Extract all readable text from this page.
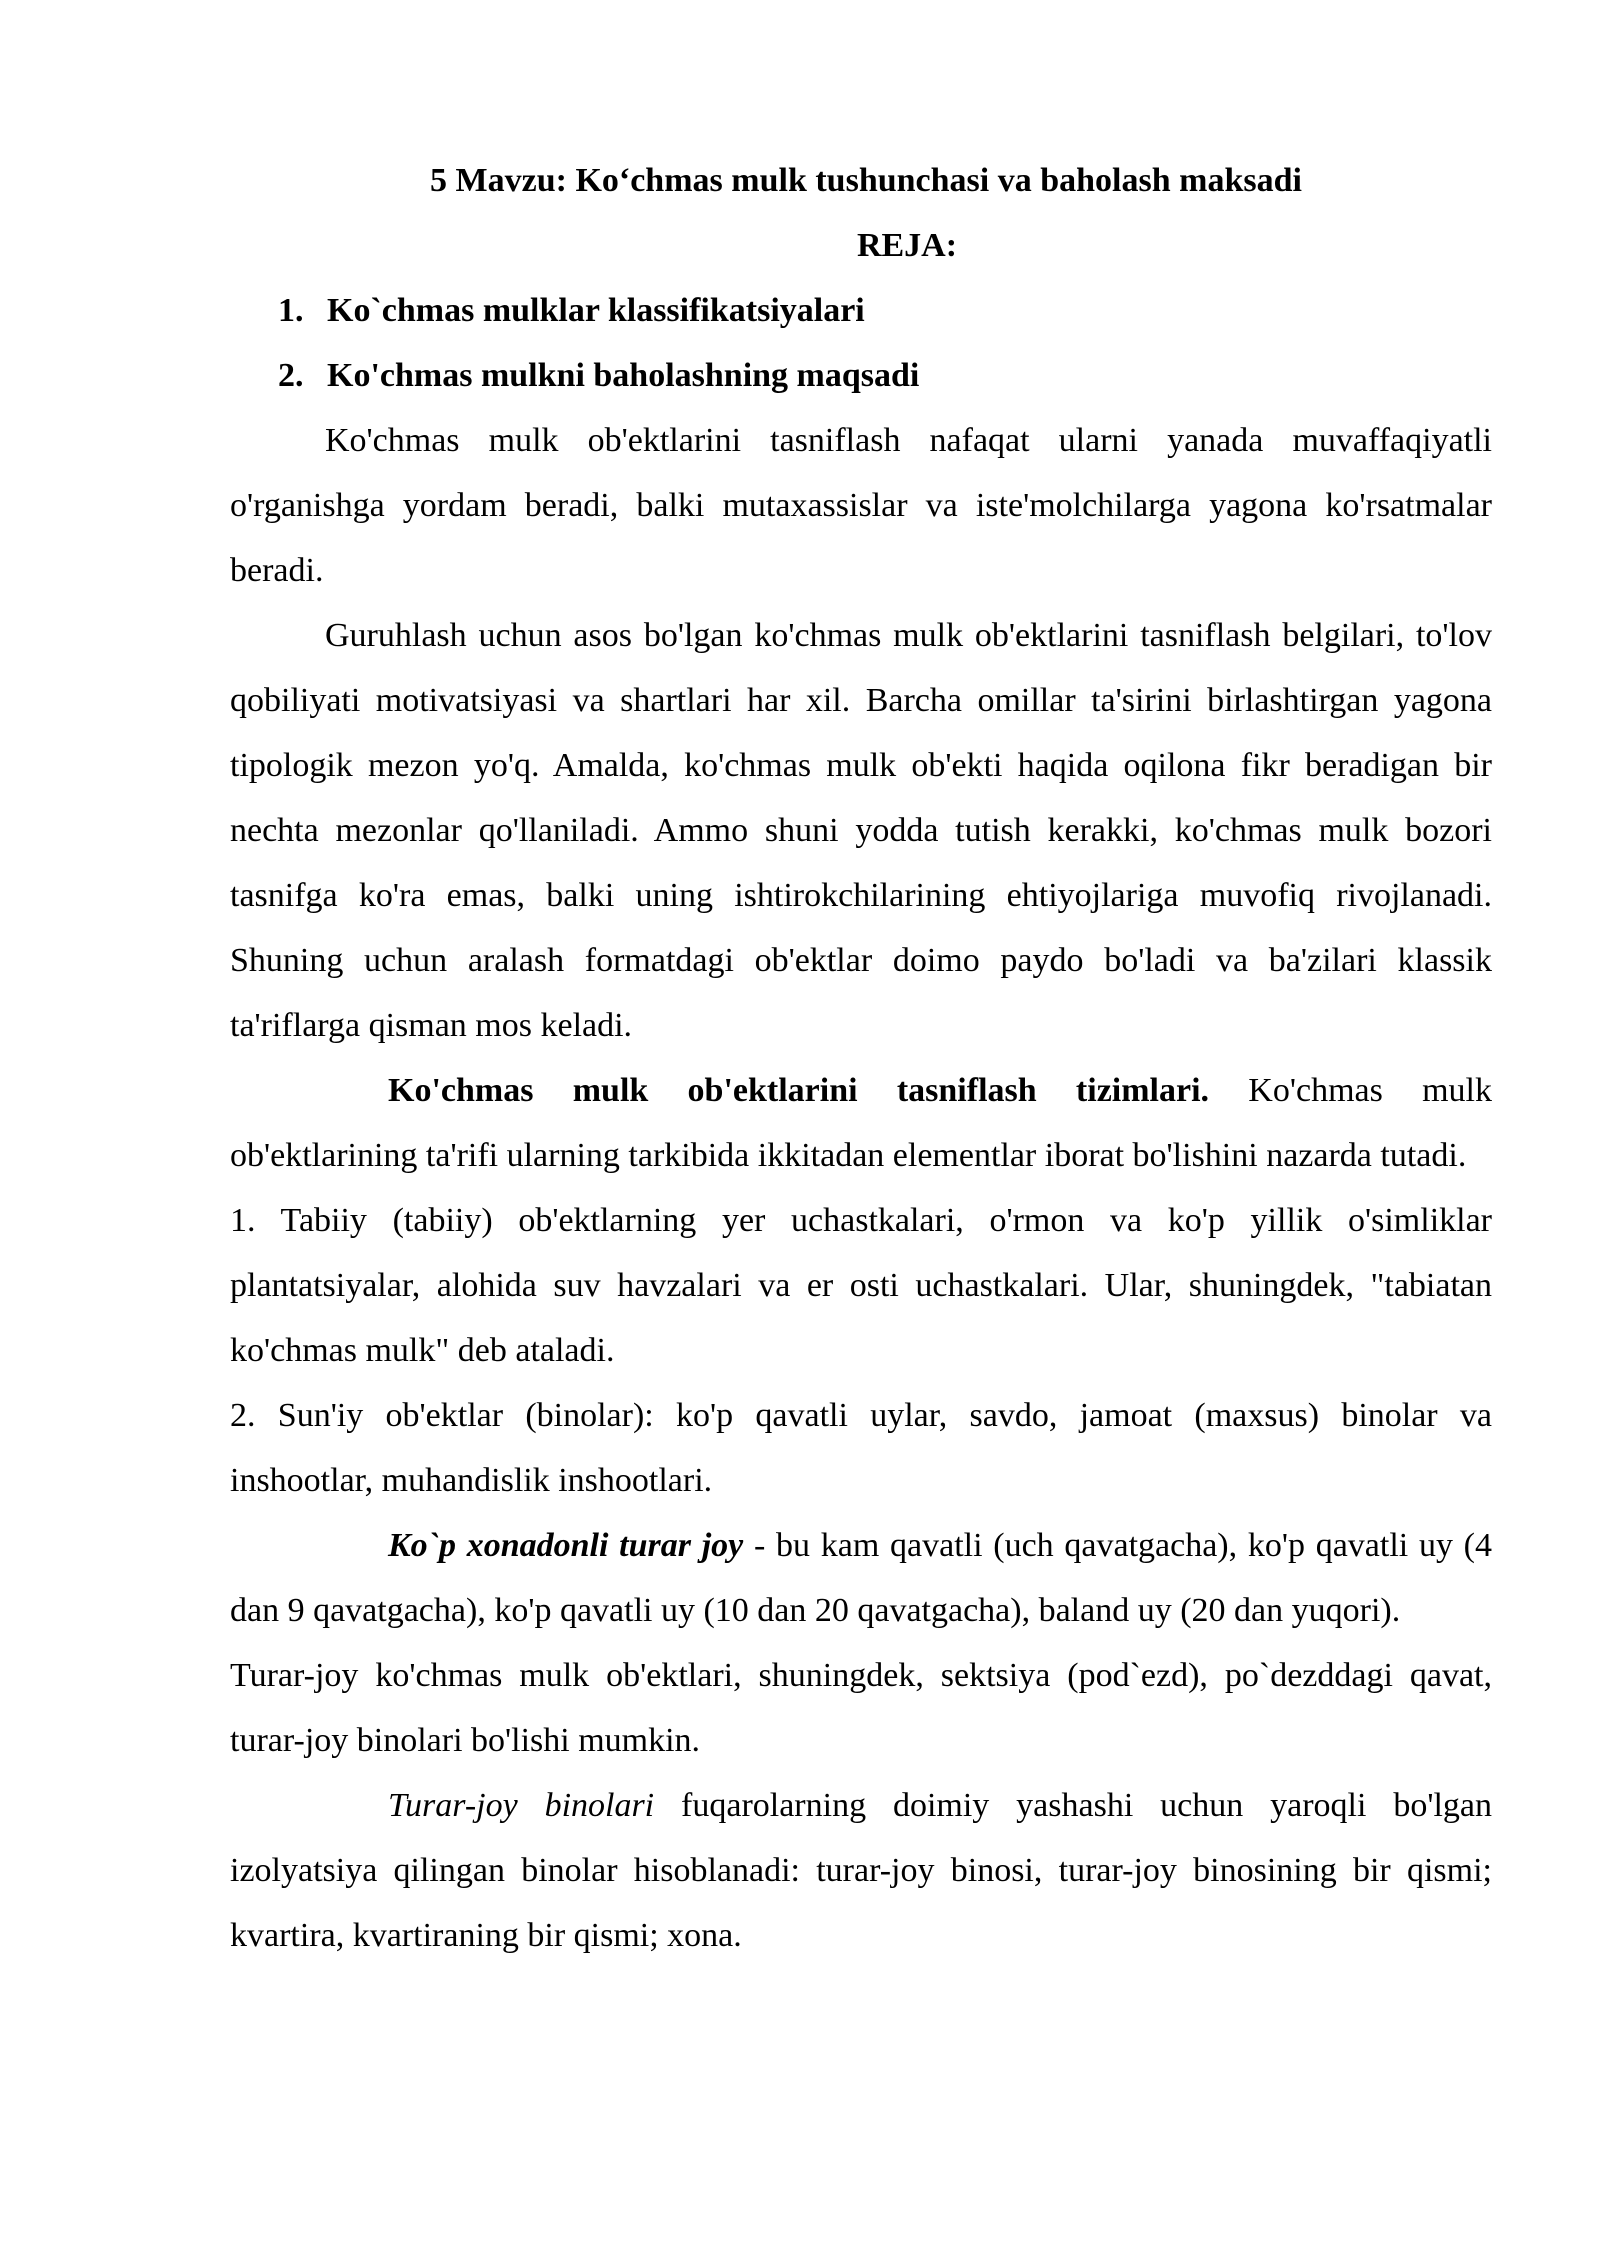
5 Mavzu: Ko‘chmas mulk tushunchasi va baholash maksadi
REJA:
1. Ko`chmas mulklar klassifikatsiyalari
2. Ko'chmas mulkni baholashning maqsadi

Ko'chmas mulk ob'ektlarini tasniflash nafaqat ularni yanada muvaffaqiyatli o'rganishga yordam beradi, balki mutaxassislar va iste'molchilarga yagona ko'rsatmalar beradi.

Guruhlash uchun asos bo'lgan ko'chmas mulk ob'ektlarini tasniflash belgilari, to'lov qobiliyati motivatsiyasi va shartlari har xil. Barcha omillar ta'sirini birlashtirgan yagona tipologik mezon yo'q. Amalda, ko'chmas mulk ob'ekti haqida oqilona fikr beradigan bir nechta mezonlar qo'llaniladi. Ammo shuni yodda tutish kerakki, ko'chmas mulk bozori tasnifga ko'ra emas, balki uning ishtirokchilarining ehtiyojlariga muvofiq rivojlanadi. Shuning uchun aralash formatdagi ob'ektlar doimo paydo bo'ladi va ba'zilari klassik ta'riflarga qisman mos keladi.

Ko'chmas mulk ob'ektlarini tasniflash tizimlari. Ko'chmas mulk ob'ektlarining ta'rifi ularning tarkibida ikkitadan elementlar iborat bo'lishini nazarda tutadi.

1. Tabiiy (tabiiy) ob'ektlarning yer uchastkalari, o'rmon va ko'p yillik o'simliklar plantatsiyalar, alohida suv havzalari va er osti uchastkalari. Ular, shuningdek, "tabiatan ko'chmas mulk" deb ataladi.

2. Sun'iy ob'ektlar (binolar): ko'p qavatli uylar, savdo, jamoat (maxsus) binolar va inshootlar, muhandislik inshootlari.

Ko`p xonadonli turar joy - bu kam qavatli (uch qavatgacha), ko'p qavatli uy (4 dan 9 qavatgacha), ko'p qavatli uy (10 dan 20 qavatgacha), baland uy (20 dan yuqori).

Turar-joy ko'chmas mulk ob'ektlari, shuningdek, sektsiya (pod`ezd), po`dezddagi qavat, turar-joy binolari bo'lishi mumkin.

Turar-joy binolari fuqarolarning doimiy yashashi uchun yaroqli bo'lgan izolyatsiya qilingan binolar hisoblanadi: turar-joy binosi, turar-joy binosining bir qismi; kvartira, kvartiraning bir qismi; xona.
